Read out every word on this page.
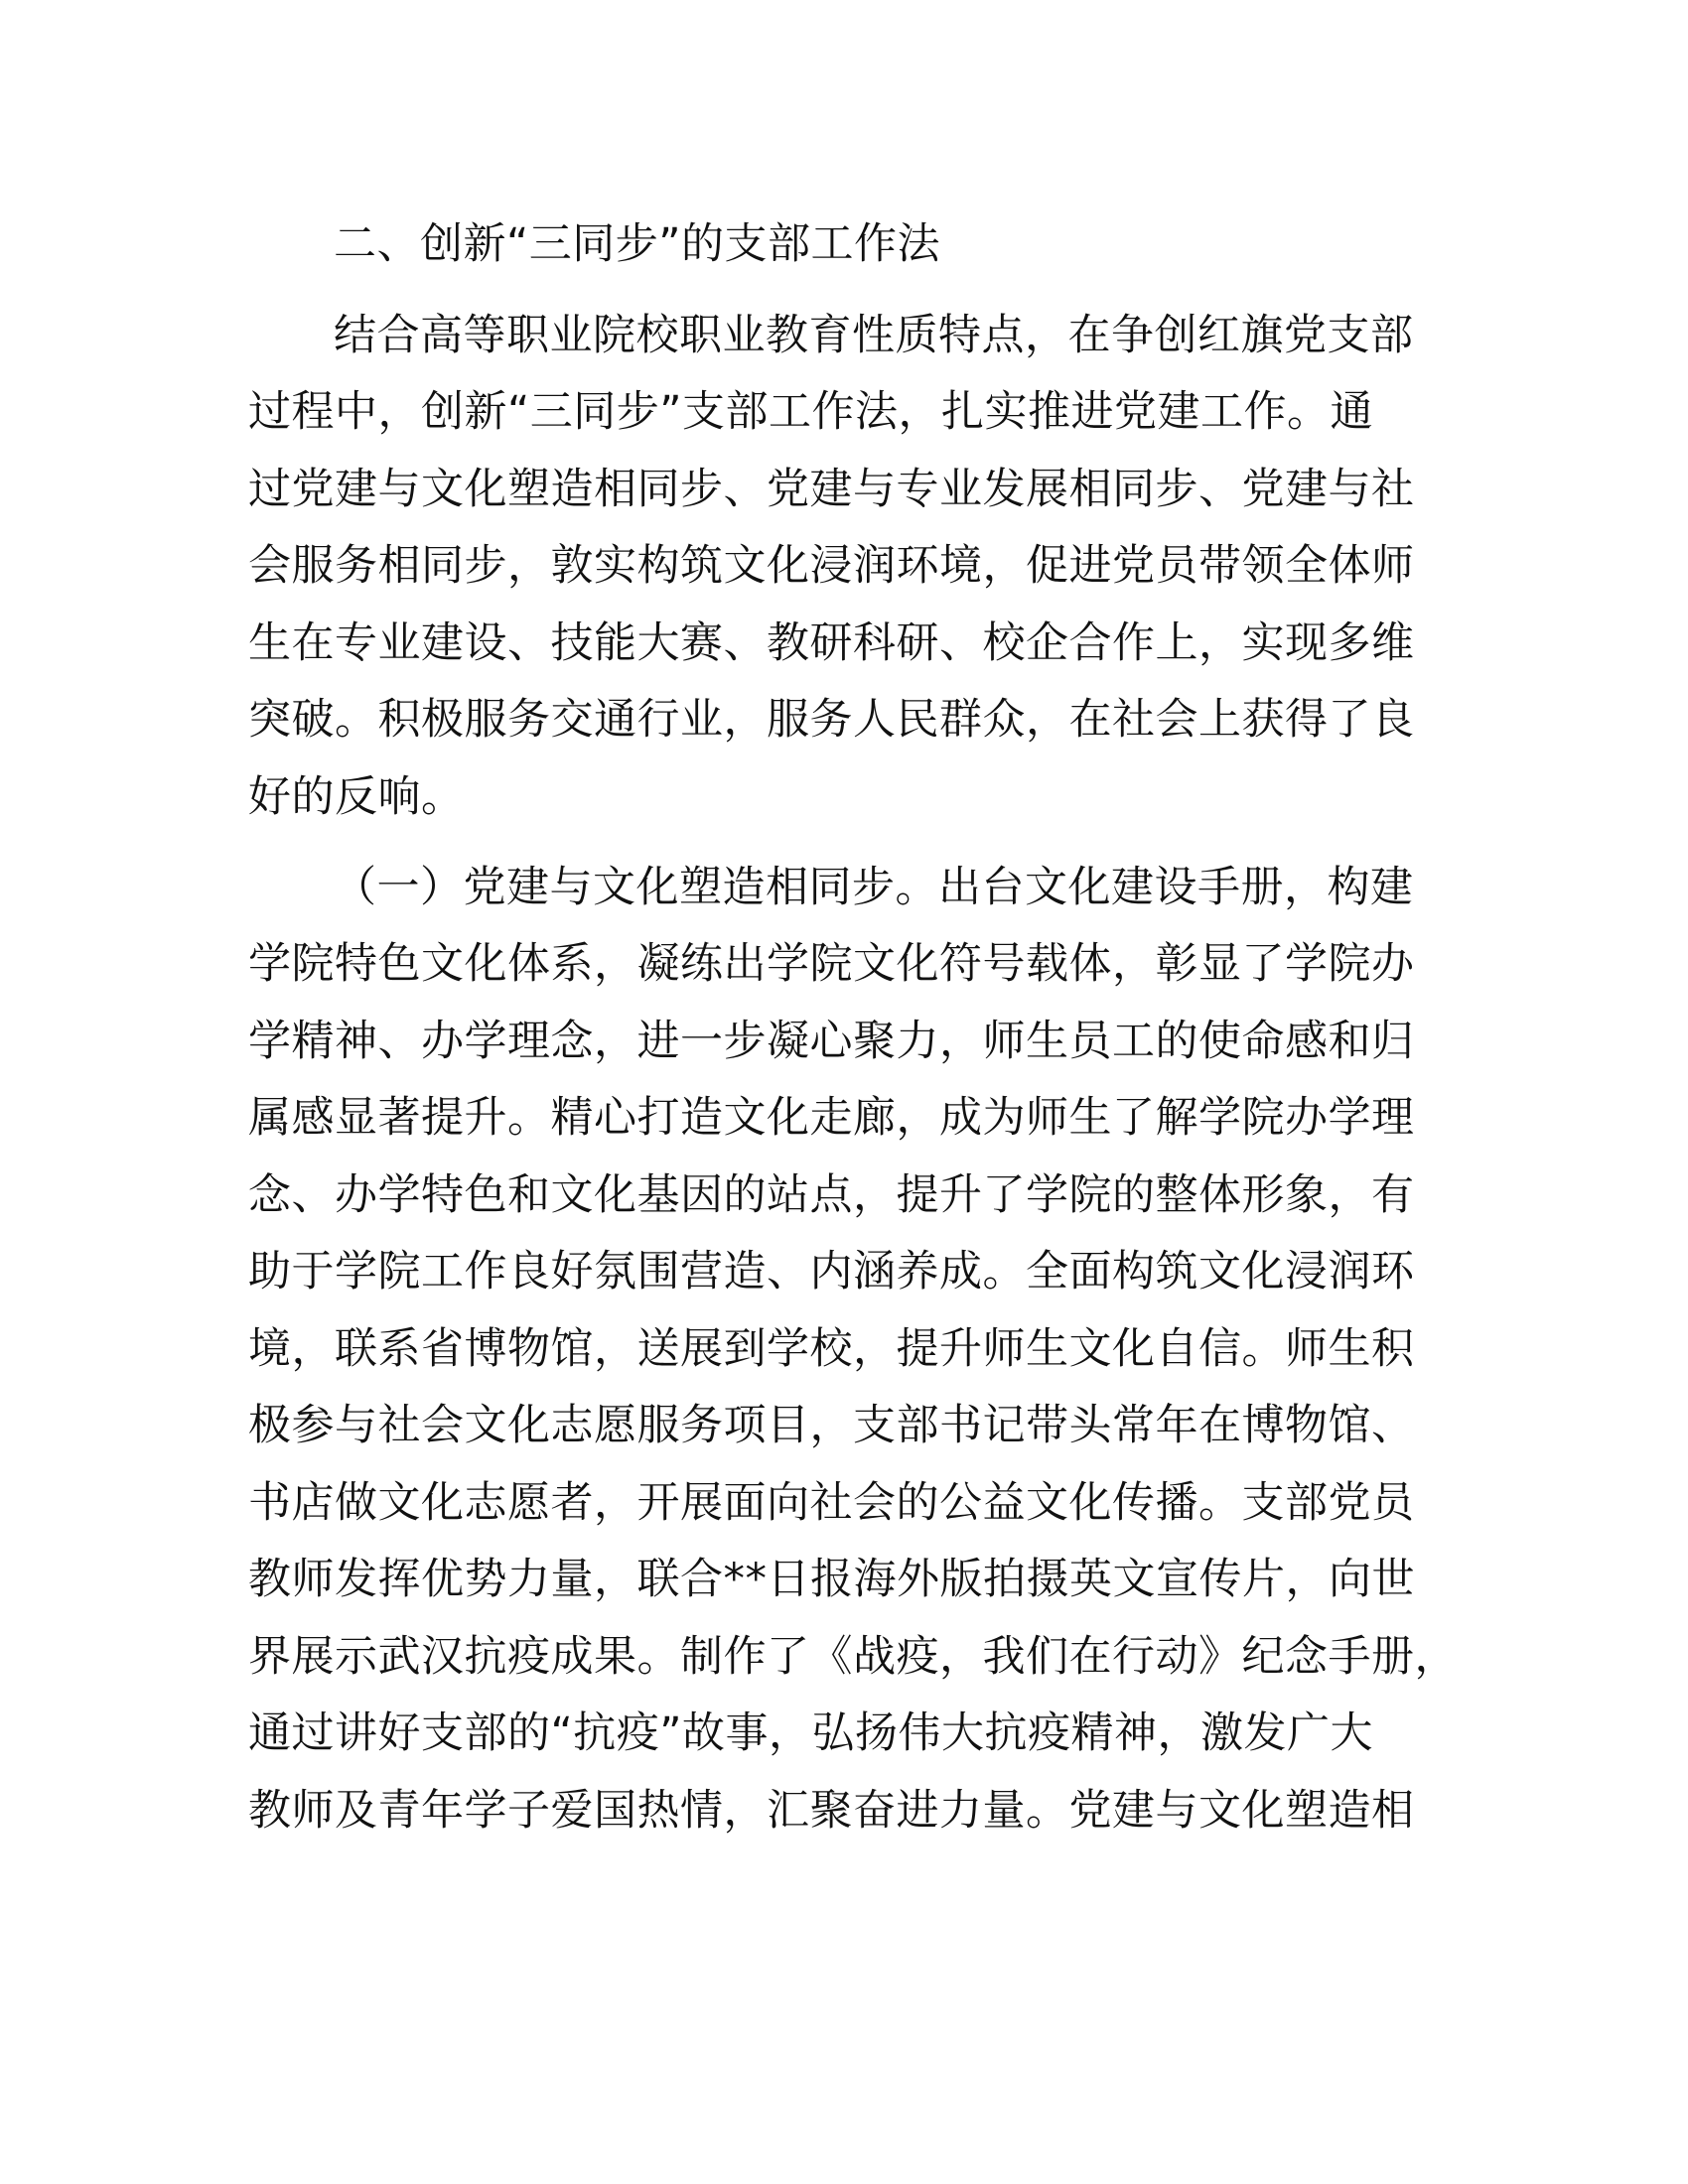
二、创新“三同步”的支部工作法

结合高等职业院校职业教育性质特点，在争创红旗党支部

过程中，创新“三同步”支部工作法，扎实推进党建工作。通

过党建与文化塑造相同步、党建与专业发展相同步、党建与社

会服务相同步，敦实构筑文化浸润环境，促进党员带领全体师

生在专业建设、技能大赛、教研科研、校企合作上，实现多维

突破。积极服务交通行业，服务人民群众，在社会上获得了良

好的反响。

（一）党建与文化塑造相同步。出台文化建设手册，构建

学院特色文化体系，凝练出学院文化符号载体，彰显了学院办

学精神、办学理念，进一步凝心聚力，师生员工的使命感和归

属感显著提升。精心打造文化走廊，成为师生了解学院办学理

念、办学特色和文化基因的站点，提升了学院的整体形象，有

助于学院工作良好氛围营造、内涵养成。全面构筑文化浸润环

境，联系省博物馆，送展到学校，提升师生文化自信。师生积

极参与社会文化志愿服务项目，支部书记带头常年在博物馆、

书店做文化志愿者，开展面向社会的公益文化传播。支部党员

教师发挥优势力量，联合**日报海外版拍摄英文宣传片，向世

界展示武汉抗疫成果。制作了《战疫，我们在行动》纪念手册，

通过讲好支部的“抗疫”故事，弘扬伟大抗疫精神，激发广大

教师及青年学子爱国热情，汇聚奋进力量。党建与文化塑造相
